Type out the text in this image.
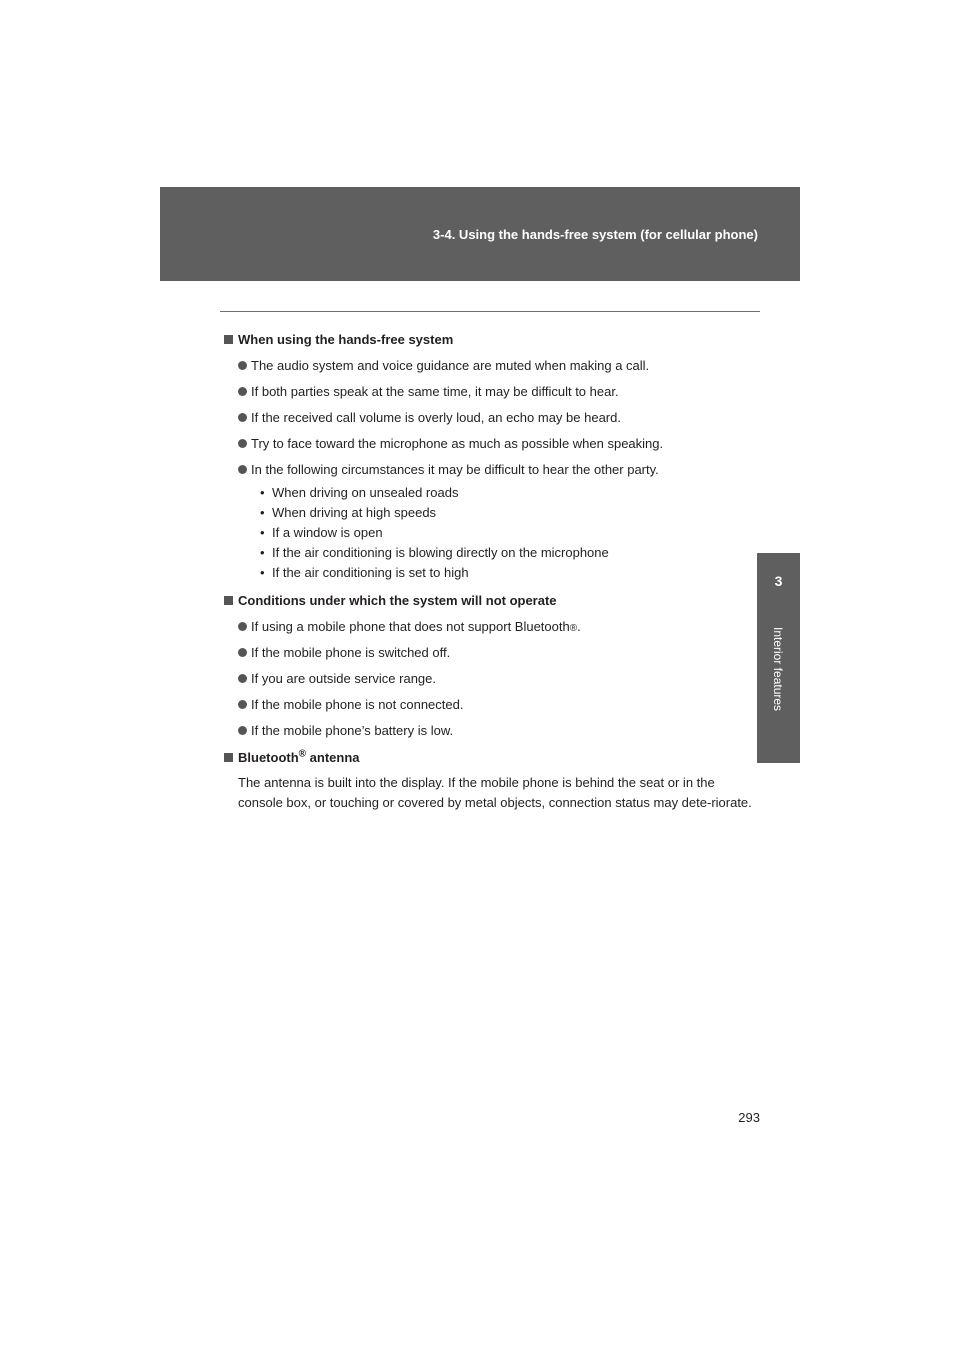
3-4. Using the hands-free system (for cellular phone)
3
Interior features
When using the hands-free system
The audio system and voice guidance are muted when making a call.
If both parties speak at the same time, it may be difficult to hear.
If the received call volume is overly loud, an echo may be heard.
Try to face toward the microphone as much as possible when speaking.
In the following circumstances it may be difficult to hear the other party.
• When driving on unsealed roads
• When driving at high speeds
• If a window is open
• If the air conditioning is blowing directly on the microphone
• If the air conditioning is set to high
Conditions under which the system will not operate
If using a mobile phone that does not support Bluetooth ® .
If the mobile phone is switched off.
If you are outside service range.
If the mobile phone is not connected.
If the mobile phone’s battery is low.
Bluetooth® antenna
The antenna is built into the display. If the mobile phone is behind the seat or in the console box, or touching or covered by metal objects, connection status may dete-riorate.
293
